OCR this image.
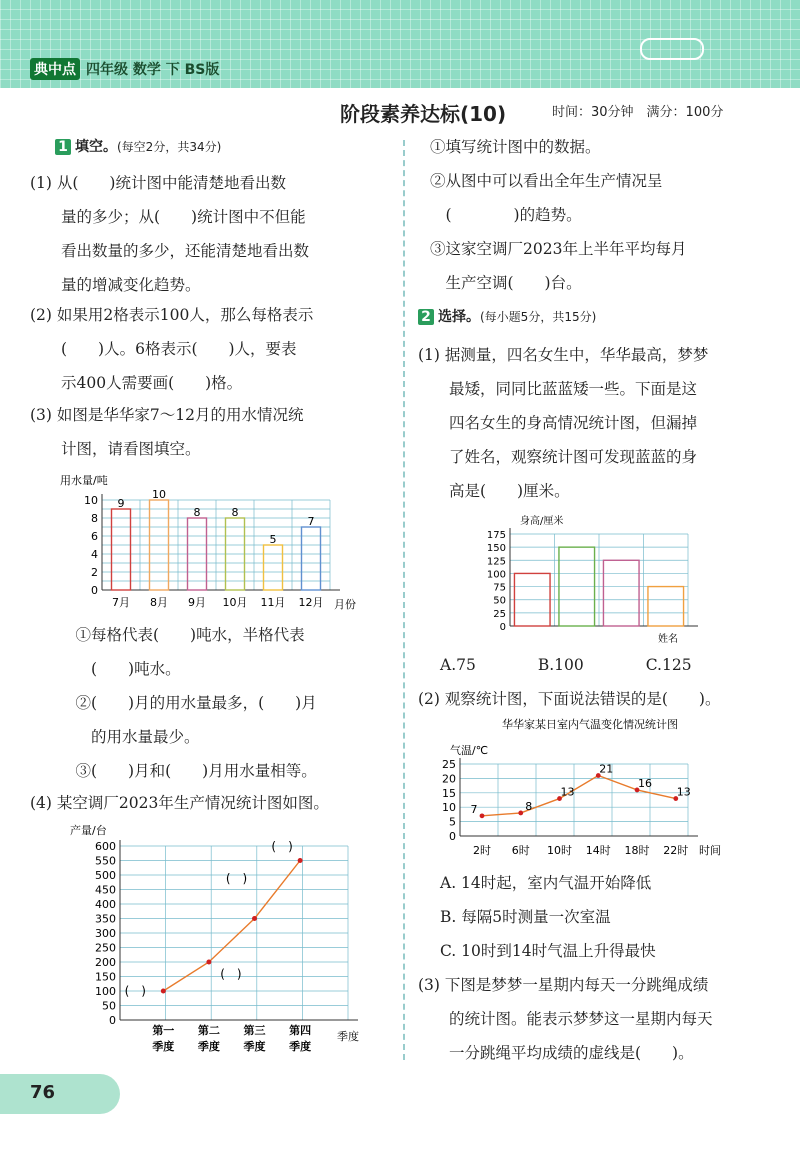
典中点 四年级 数学 下 BS版
阶段素养达标(10)	时间：30分钟　满分：100分
1 填空。(每空2分，共34分)
(1) 从(　　)统计图中能清楚地看出数
　　量的多少；从(　　)统计图中不但能
　　看出数量的多少，还能清楚地看出数
　　量的增减变化趋势。
(2) 如果用2格表示100人，那么每格表示
　　(　　)人。6格表示(　　)人，要表
　　示400人需要画(　　)格。
(3) 如图是华华家7～12月的用水情况统
　　计图，请看图填空。
0
2
4
6
8
10
用水量/吨
月份
9
7月
10
8月
8
9月
8
10月
5
11月
7
12月
　①每格代表(　　)吨水，半格代表
　　(　　)吨水。
　②(　　)月的用水量最多，(　　)月
　　的用水量最少。
　③(　　)月和(　　)月用水量相等。
(4) 某空调厂2023年生产情况统计图如图。
0
50
100
150
200
250
300
350
400
450
500
550
600
产量/台
季度
第一
季度
第二
季度
第三
季度
第四
季度
(　)
(　)
(　)
(　)
①填写统计图中的数据。
②从图中可以看出全年生产情况呈
　(　　　　)的趋势。
③这家空调厂2023年上半年平均每月
　生产空调(　　)台。
2 选择。(每小题5分，共15分)
(1) 据测量，四名女生中，华华最高，梦梦
　　最矮，同同比蓝蓝矮一些。下面是这
　　四名女生的身高情况统计图，但漏掉
　　了姓名，观察统计图可发现蓝蓝的身
　　高是(　　)厘米。
0
25
50
75
100
125
150
175
身高/厘米
姓名
A.75　　　　B.100　　　　C.125
(2) 观察统计图，下面说法错误的是(　　)。
华华家某日室内气温变化情况统计图
0
5
10
15
20
25
气温/℃
时间
7
2时
8
6时
13
10时
21
14时
16
18时
13
22时
A. 14时起，室内气温开始降低
B. 每隔5时测量一次室温
C. 10时到14时气温上升得最快
(3) 下图是梦梦一星期内每天一分跳绳成绩
　　的统计图。能表示梦梦这一星期内每天
　　一分跳绳平均成绩的虚线是(　　)。
76
